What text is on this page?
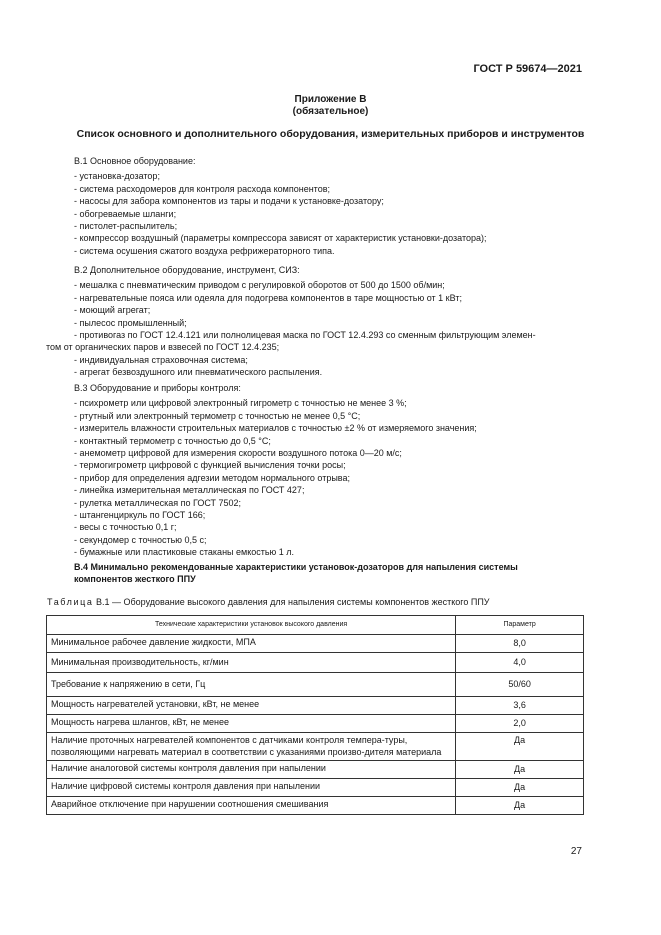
ГОСТ Р 59674—2021
Приложение В
(обязательное)
Список основного и дополнительного оборудования, измерительных приборов и инструментов
В.1 Основное оборудование:
- установка-дозатор;
- система расходомеров для контроля расхода компонентов;
- насосы для забора компонентов из тары и подачи к установке-дозатору;
- обогреваемые шланги;
- пистолет-распылитель;
- компрессор воздушный (параметры компрессора зависят от характеристик установки-дозатора);
- система осушения сжатого воздуха рефрижераторного типа.
В.2 Дополнительное оборудование, инструмент, СИЗ:
- мешалка с пневматическим приводом с регулировкой оборотов от 500 до 1500 об/мин;
- нагревательные пояса или одеяла для подогрева компонентов в таре мощностью от 1 кВт;
- моющий агрегат;
- пылесос промышленный;
- противогаз по ГОСТ 12.4.121 или полнолицевая маска по ГОСТ 12.4.293 со сменным фильтрующим элемен-
том от органических паров и взвесей по ГОСТ 12.4.235;
- индивидуальная страховочная система;
- агрегат безвоздушного или пневматического распыления.
В.3 Оборудование и приборы контроля:
- психрометр или цифровой электронный гигрометр с точностью не менее 3 %;
- ртутный или электронный термометр с точностью не менее 0,5 °С;
- измеритель влажности строительных материалов с точностью ±2 % от измеряемого значения;
- контактный термометр с точностью до 0,5 °С;
- анемометр цифровой для измерения скорости воздушного потока 0—20 м/с;
- термогигрометр цифровой с функцией вычисления точки росы;
- прибор для определения адгезии методом нормального отрыва;
- линейка измерительная металлическая по ГОСТ 427;
- рулетка металлическая по ГОСТ 7502;
- штангенциркуль по ГОСТ 166;
- весы с точностью 0,1 г;
- секундомер с точностью 0,5 с;
- бумажные или пластиковые стаканы емкостью 1 л.
В.4 Минимально рекомендованные характеристики установок-дозаторов для напыления системы
компонентов жесткого ППУ
Таблица В.1 — Оборудование высокого давления для напыления системы компонентов жесткого ППУ
Технические характеристики установок высокого давления	Параметр
Минимальное рабочее давление жидкости, МПА	8,0
Минимальная производительность, кг/мин	4,0
Требование к напряжению в сети, Гц	50/60
Мощность нагревателей установки, кВт, не менее	3,6
Мощность нагрева шлангов, кВт, не менее	2,0
Наличие проточных нагревателей компонентов с датчиками контроля темпера-туры, позволяющими нагревать материал в соответствии с указаниями произво-дителя материала	Да
Наличие аналоговой системы контроля давления при напылении	Да
Наличие цифровой системы контроля давления при напылении	Да
Аварийное отключение при нарушении соотношения смешивания	Да
27
